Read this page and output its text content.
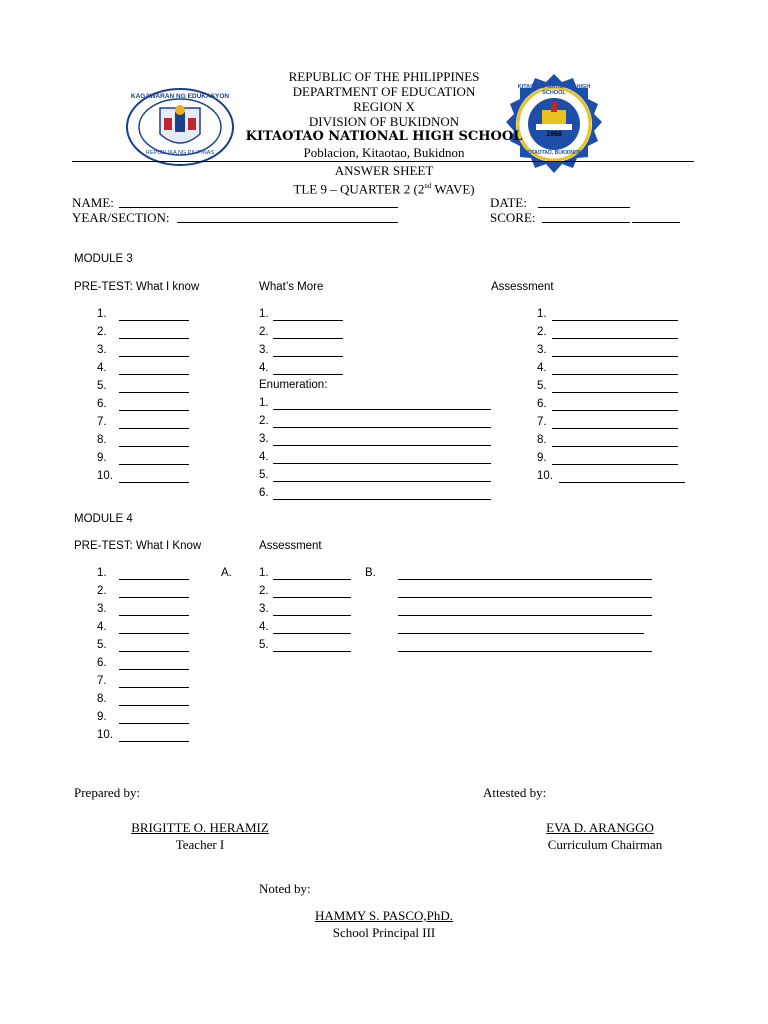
KAGAWARAN NG EDUKASYON
REPUBLIKA NG PILIPINAS
KITAOTAO NATIONAL HIGH SCHOOL
1968
KITAOTAO, BUKIDNON
REPUBLIC OF THE PHILIPPINES
DEPARTMENT OF EDUCATION
REGION X
DIVISION OF BUKIDNON
KITAOTAO NATIONAL HIGH SCHOOL
Poblacion, Kitaotao, Bukidnon
ANSWER SHEET
TLE 9 – QUARTER 2 (2nd WAVE)
NAME:
YEAR/SECTION:
DATE:
SCORE:
MODULE 3
PRE-TEST: What I know	What’s More	Assessment
1.
2.
3.
4.
5.
6.
7.
8.
9.
10.
1.
2.
3.
4.
Enumeration:
1.
2.
3.
4.
5.
6.
1.
2.
3.
4.
5.
6.
7.
8.
9.
10.
MODULE 4
PRE-TEST: What I Know	Assessment
A.	B.
1.
2.
3.
4.
5.
6.
7.
8.
9.
10.
1.
2.
3.
4.
5.
Prepared by:	Attested by:
BRIGITTE O. HERAMIZ
Teacher I
EVA D. ARANGGO
Curriculum Chairman
Noted by:
HAMMY S. PASCO,PhD.
School Principal III
